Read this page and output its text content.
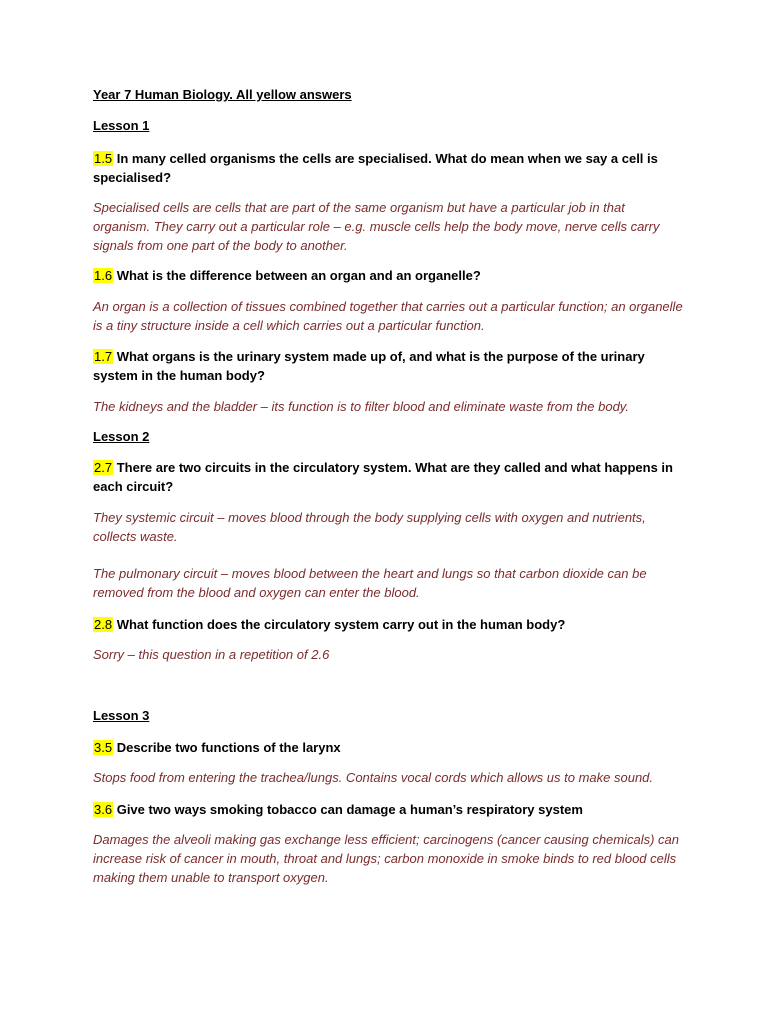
Year 7 Human Biology. All yellow answers
Lesson 1
1.5 In many celled organisms the cells are specialised. What do mean when we say a cell is specialised?
Specialised cells are cells that are part of the same organism but have a particular job in that organism. They carry out a particular role – e.g. muscle cells help the body move, nerve cells carry signals from one part of the body to another.
1.6 What is the difference between an organ and an organelle?
An organ is a collection of tissues combined together that carries out a particular function; an organelle is a tiny structure inside a cell which carries out a particular function.
1.7 What organs is the urinary system made up of, and what is the purpose of the urinary system in the human body?
The kidneys and the bladder – its function is to filter blood and eliminate waste from the body.
Lesson 2
2.7 There are two circuits in the circulatory system. What are they called and what happens in each circuit?
They systemic circuit – moves blood through the body supplying cells with oxygen and nutrients, collects waste.
The pulmonary circuit – moves blood between the heart and lungs so that carbon dioxide can be removed from the blood and oxygen can enter the blood.
2.8 What function does the circulatory system carry out in the human body?
Sorry – this question in a repetition of 2.6
Lesson 3
3.5 Describe two functions of the larynx
Stops food from entering the trachea/lungs. Contains vocal cords which allows us to make sound.
3.6 Give two ways smoking tobacco can damage a human’s respiratory system
Damages the alveoli making gas exchange less efficient; carcinogens (cancer causing chemicals) can increase risk of cancer in mouth, throat and lungs; carbon monoxide in smoke binds to red blood cells making them unable to transport oxygen.
